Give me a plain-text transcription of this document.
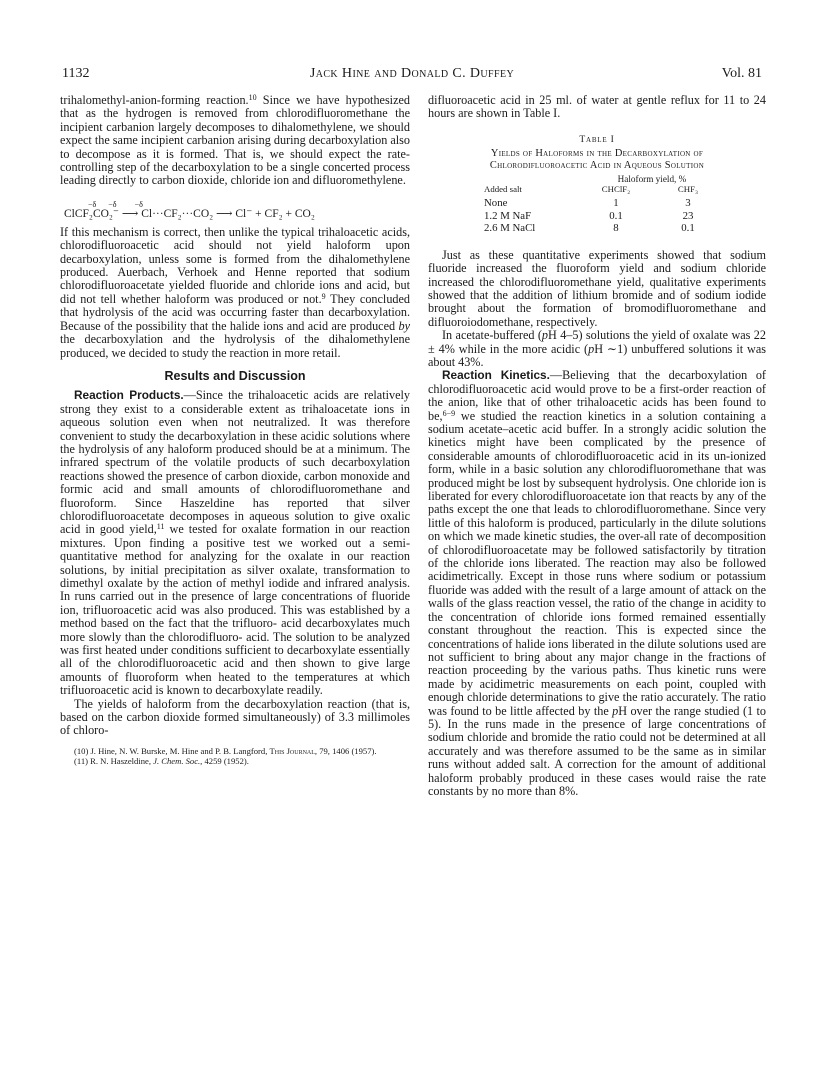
1132	Jack Hine and Donald C. Duffey	Vol. 81

trihalomethyl-anion-forming reaction.$^{10}$ Since we have hypothesized that as the hydrogen is removed from chlorodifluoromethane the incipient carbanion largely decomposes to dihalomethylene, we should expect the same incipient carbanion arising during decarboxylation also to decompose as it is formed. That is, we should expect the rate-controlling step of the decarboxylation to be a single concerted process leading directly to carbon dioxide, chloride ion and difluoromethylene.

−δ      −δ         −δ
ClCF₂CO₂⁻ ⟶ Cl···CF₂···CO₂ ⟶ Cl⁻ + CF₂ + CO₂

If this mechanism is correct, then unlike the typical trihaloacetic acids, chlorodifluoroacetic acid should not yield haloform upon decarboxylation, unless some is formed from the dihalomethylene produced. Auerbach, Verhoek and Henne reported that sodium chlorodifluoroacetate yielded fluoride and chloride ions and acid, but did not tell whether haloform was produced or not.$^9$ They concluded that hydrolysis of the acid was occurring faster than decarboxylation. Because of the possibility that the halide ions and acid are produced by the decarboxylation and the hydrolysis of the dihalomethylene produced, we decided to study the reaction in more retail.

Results and Discussion

Reaction Products.—Since the trihaloacetic acids are relatively strong they exist to a considerable extent as trihaloacetate ions in aqueous solution even when not neutralized. It was therefore convenient to study the decarboxylation in these acidic solutions where the hydrolysis of any haloform produced should be at a minimum. The infrared spectrum of the volatile products of such decarboxylation reactions showed the presence of carbon dioxide, carbon monoxide and formic acid and small amounts of chlorodifluoromethane and fluoroform. Since Haszeldine has reported that silver chlorodifluoroacetate decomposes in aqueous solution to give oxalic acid in good yield,$^{11}$ we tested for oxalate formation in our reaction mixtures. Upon finding a positive test we worked out a semi-quantitative method for analyzing for the oxalate in our reaction solutions, by initial precipitation as silver oxalate, transformation to dimethyl oxalate by the action of methyl iodide and infrared analysis. In runs carried out in the presence of large concentrations of fluoride ion, trifluoroacetic acid was also produced. This was established by a method based on the fact that the trifluoro- acid decarboxylates much more slowly than the chlorodifluoro- acid. The solution to be analyzed was first heated under conditions sufficient to decarboxylate essentially all of the chlorodifluoroacetic acid and then shown to give large amounts of fluoroform when heated to the temperatures at which trifluoroacetic acid is known to decarboxylate readily.

The yields of haloform from the decarboxylation reaction (that is, based on the carbon dioxide formed simultaneously) of 3.3 millimoles of chloro-

(10) J. Hine, N. W. Burske, M. Hine and P. B. Langford, This Journal, 79, 1406 (1957).
(11) R. N. Haszeldine, J. Chem. Soc., 4259 (1952).

difluoroacetic acid in 25 ml. of water at gentle reflux for 11 to 24 hours are shown in Table I.

Table I
Yields of Haloforms in the Decarboxylation of
Chlorodifluoroacetic Acid in Aqueous Solution
	Haloform yield, %	
Added salt	CHClF₂	CHF₃
None	1	3
1.2 M NaF	0.1	23
2.6 M NaCl	8	0.1

Just as these quantitative experiments showed that sodium fluoride increased the fluoroform yield and sodium chloride increased the chlorodifluoromethane yield, qualitative experiments showed that the addition of lithium bromide and of sodium iodide brought about the formation of bromodifluoromethane and difluoroiodomethane, respectively.

In acetate-buffered (pH 4–5) solutions the yield of oxalate was 22 ± 4% while in the more acidic (pH ∼1) unbuffered solutions it was about 43%.

Reaction Kinetics.—Believing that the decarboxylation of chlorodifluoroacetic acid would prove to be a first-order reaction of the anion, like that of other trihaloacetic acids has been found to be,$^{6-9}$ we studied the reaction kinetics in a solution containing a sodium acetate–acetic acid buffer. In a strongly acidic solution the kinetics might have been complicated by the presence of considerable amounts of chlorodifluoroacetic acid in its un-ionized form, while in a basic solution any chlorodifluoromethane that was produced might be lost by subsequent hydrolysis. One chloride ion is liberated for every chlorodifluoroacetate ion that reacts by any of the paths except the one that leads to chlorodifluoromethane. Since very little of this haloform is produced, particularly in the dilute solutions on which we made kinetic studies, the over-all rate of decomposition of chlorodifluoroacetate may be followed satisfactorily by titration of the chloride ions liberated. The reaction may also be followed acidimetrically. Except in those runs where sodium or potassium fluoride was added with the result of a large amount of attack on the walls of the glass reaction vessel, the ratio of the change in acidity to the concentration of chloride ions formed remained essentially constant throughout the reaction. This is expected since the concentrations of halide ions liberated in the dilute solutions used are not sufficient to bring about any major change in the fractions of reaction proceeding by the various paths. Thus kinetic runs were made by acidimetric measurements on each point, coupled with enough chloride determinations to give the ratio accurately. The ratio was found to be little affected by the pH over the range studied (1 to 5). In the runs made in the presence of large concentrations of sodium chloride and bromide the ratio could not be determined at all accurately and was therefore assumed to be the same as in similar runs without added salt. A correction for the amount of additional haloform probably produced in these cases would raise the rate constants by no more than 8%.
